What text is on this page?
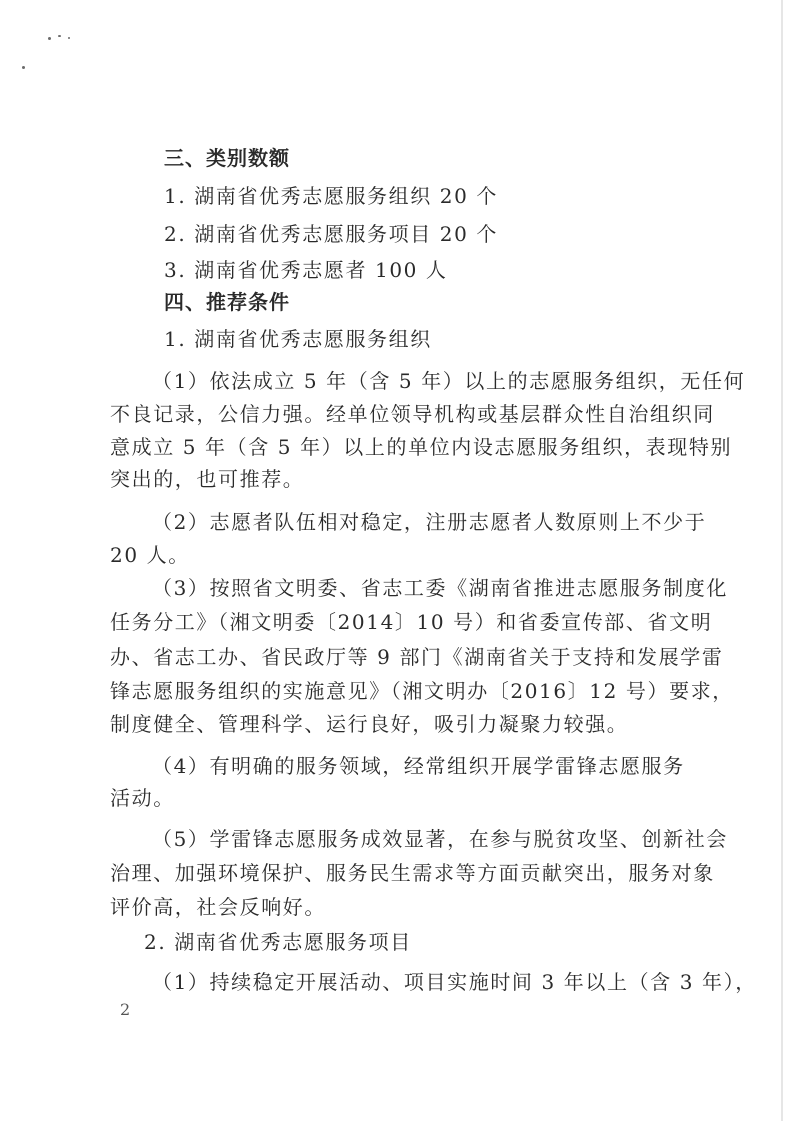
三、类别数额
1. 湖南省优秀志愿服务组织 20 个
2. 湖南省优秀志愿服务项目 20 个
3. 湖南省优秀志愿者 100 人
四、推荐条件
1. 湖南省优秀志愿服务组织
（1）依法成立 5 年（含 5 年）以上的志愿服务组织，无任何
不良记录，公信力强。经单位领导机构或基层群众性自治组织同
意成立 5 年（含 5 年）以上的单位内设志愿服务组织，表现特别
突出的，也可推荐。
（2）志愿者队伍相对稳定，注册志愿者人数原则上不少于
20 人。
（3）按照省文明委、省志工委《湖南省推进志愿服务制度化
任务分工》（湘文明委〔2014〕10 号）和省委宣传部、省文明
办、省志工办、省民政厅等 9 部门《湖南省关于支持和发展学雷
锋志愿服务组织的实施意见》（湘文明办〔2016〕12 号）要求，
制度健全、管理科学、运行良好，吸引力凝聚力较强。
（4）有明确的服务领域，经常组织开展学雷锋志愿服务
活动。
（5）学雷锋志愿服务成效显著，在参与脱贫攻坚、创新社会
治理、加强环境保护、服务民生需求等方面贡献突出，服务对象
评价高，社会反响好。
2. 湖南省优秀志愿服务项目
（1）持续稳定开展活动、项目实施时间 3 年以上（含 3 年），
2
